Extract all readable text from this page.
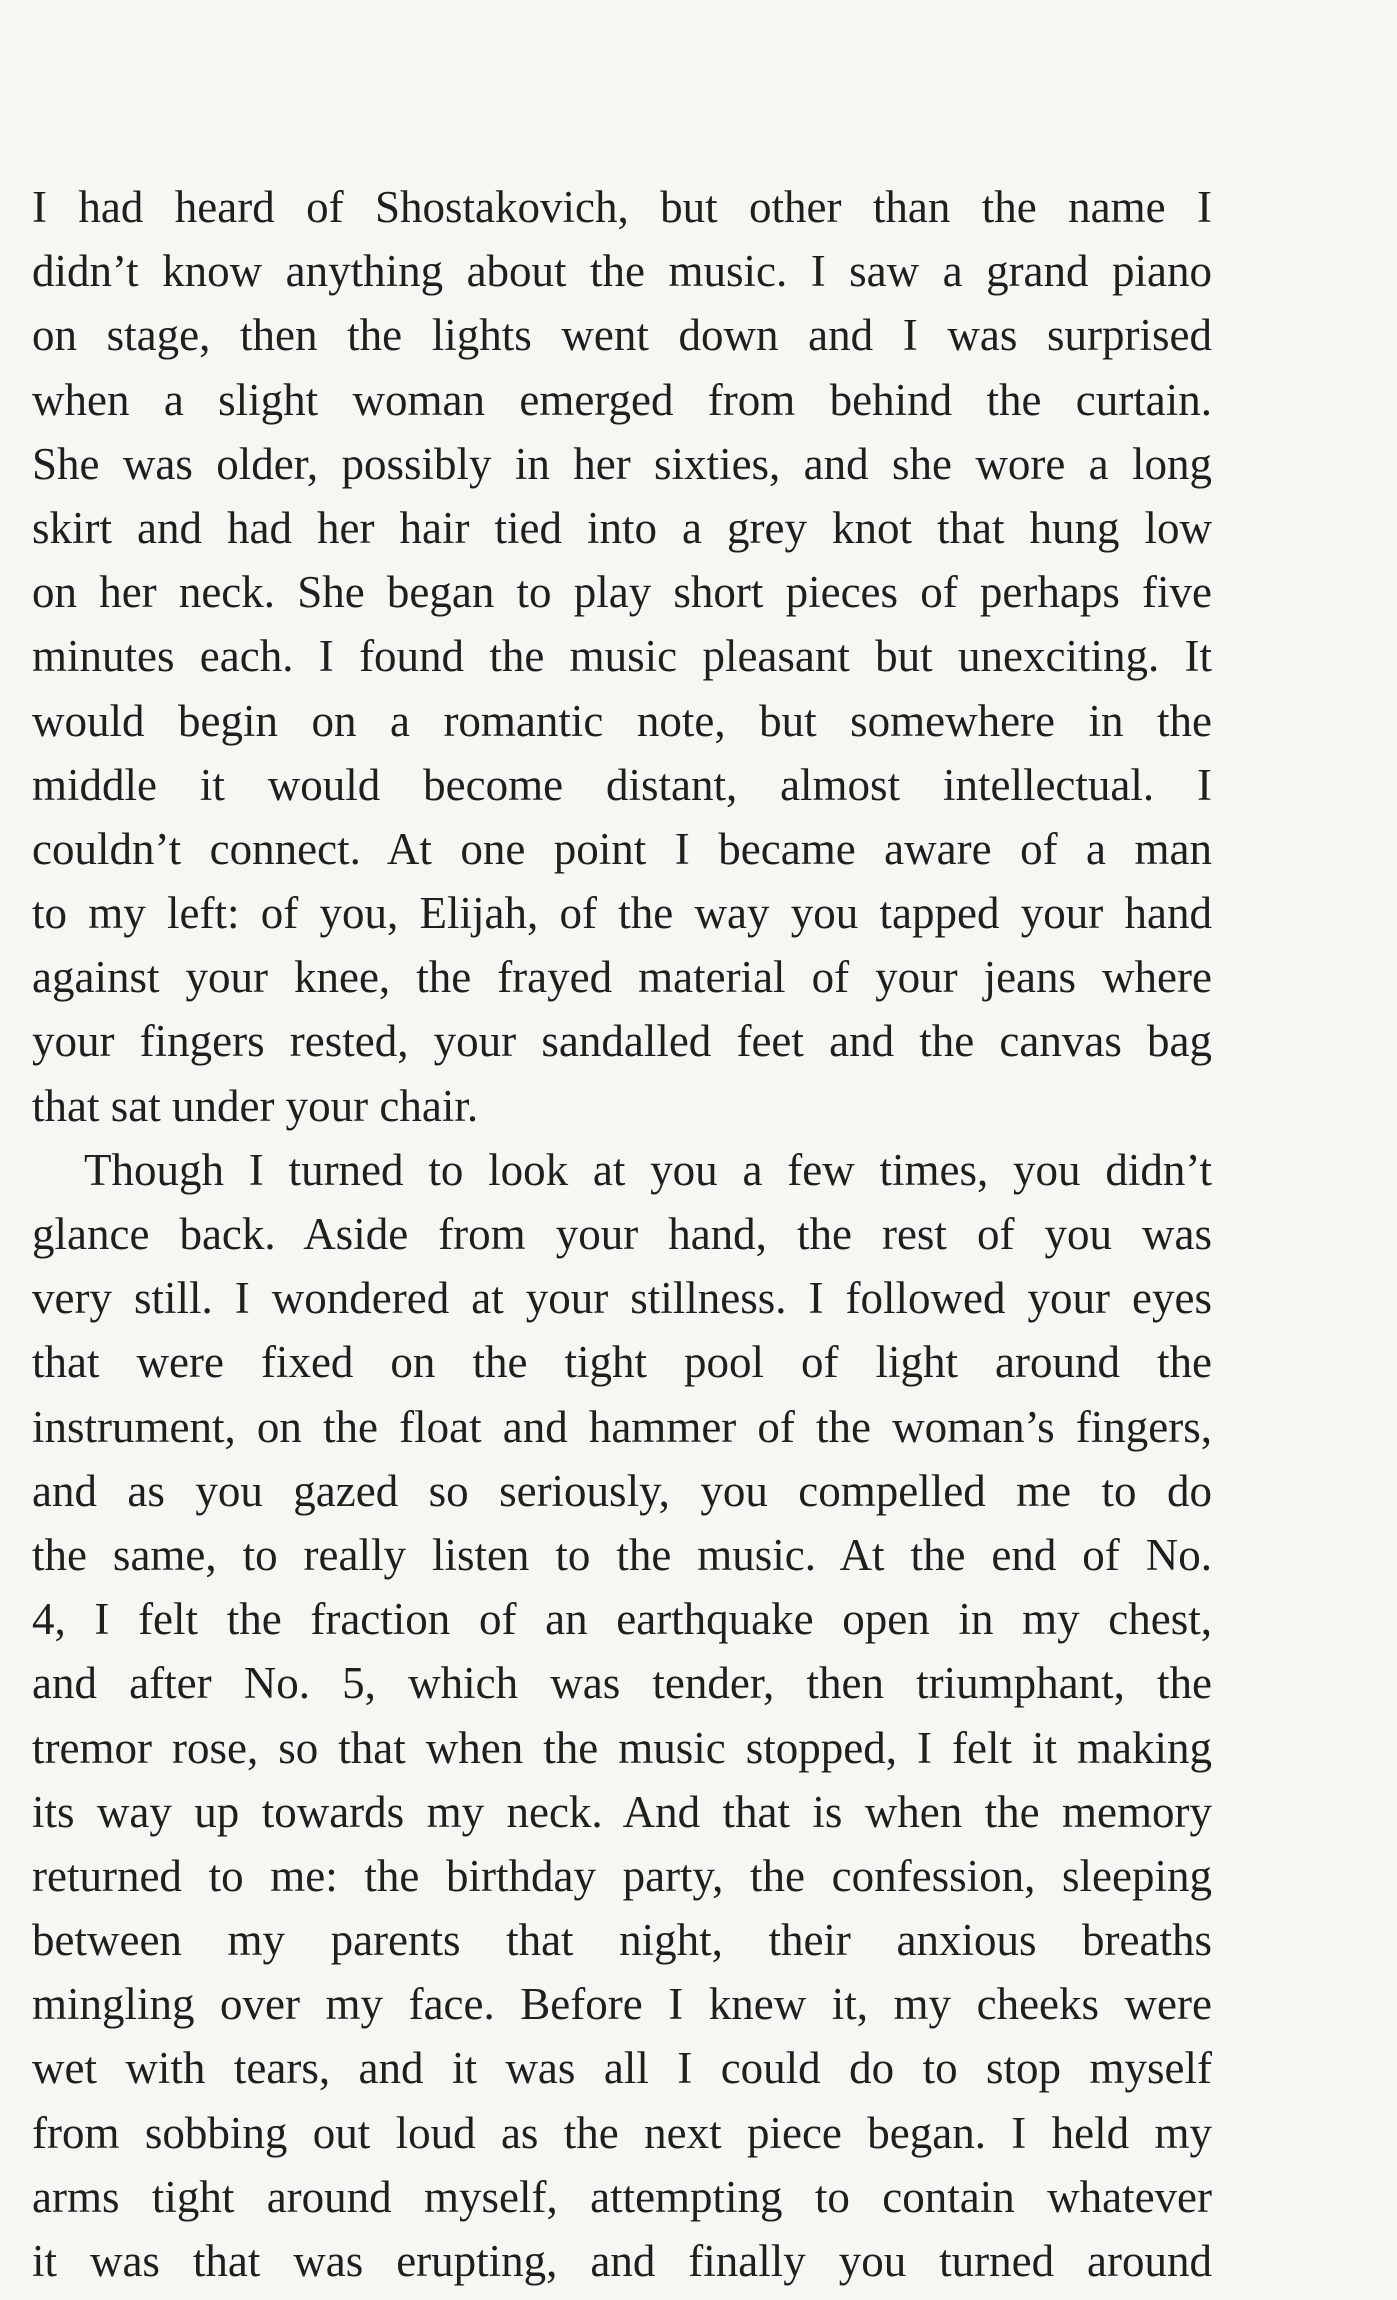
I had heard of Shostakovich, but other than the name I
didn’t know anything about the music. I saw a grand piano
on stage, then the lights went down and I was surprised
when a slight woman emerged from behind the curtain.
She was older, possibly in her sixties, and she wore a long
skirt and had her hair tied into a grey knot that hung low
on her neck. She began to play short pieces of perhaps five
minutes each. I found the music pleasant but unexciting. It
would begin on a romantic note, but somewhere in the
middle it would become distant, almost intellectual. I
couldn’t connect. At one point I became aware of a man
to my left: of you, Elijah, of the way you tapped your hand
against your knee, the frayed material of your jeans where
your fingers rested, your sandalled feet and the canvas bag
that sat under your chair.
Though I turned to look at you a few times, you didn’t
glance back. Aside from your hand, the rest of you was
very still. I wondered at your stillness. I followed your eyes
that were fixed on the tight pool of light around the
instrument, on the float and hammer of the woman’s fingers,
and as you gazed so seriously, you compelled me to do
the same, to really listen to the music. At the end of No.
4, I felt the fraction of an earthquake open in my chest,
and after No. 5, which was tender, then triumphant, the
tremor rose, so that when the music stopped, I felt it making
its way up towards my neck. And that is when the memory
returned to me: the birthday party, the confession, sleeping
between my parents that night, their anxious breaths
mingling over my face. Before I knew it, my cheeks were
wet with tears, and it was all I could do to stop myself
from sobbing out loud as the next piece began. I held my
arms tight around myself, attempting to contain whatever
it was that was erupting, and finally you turned around
